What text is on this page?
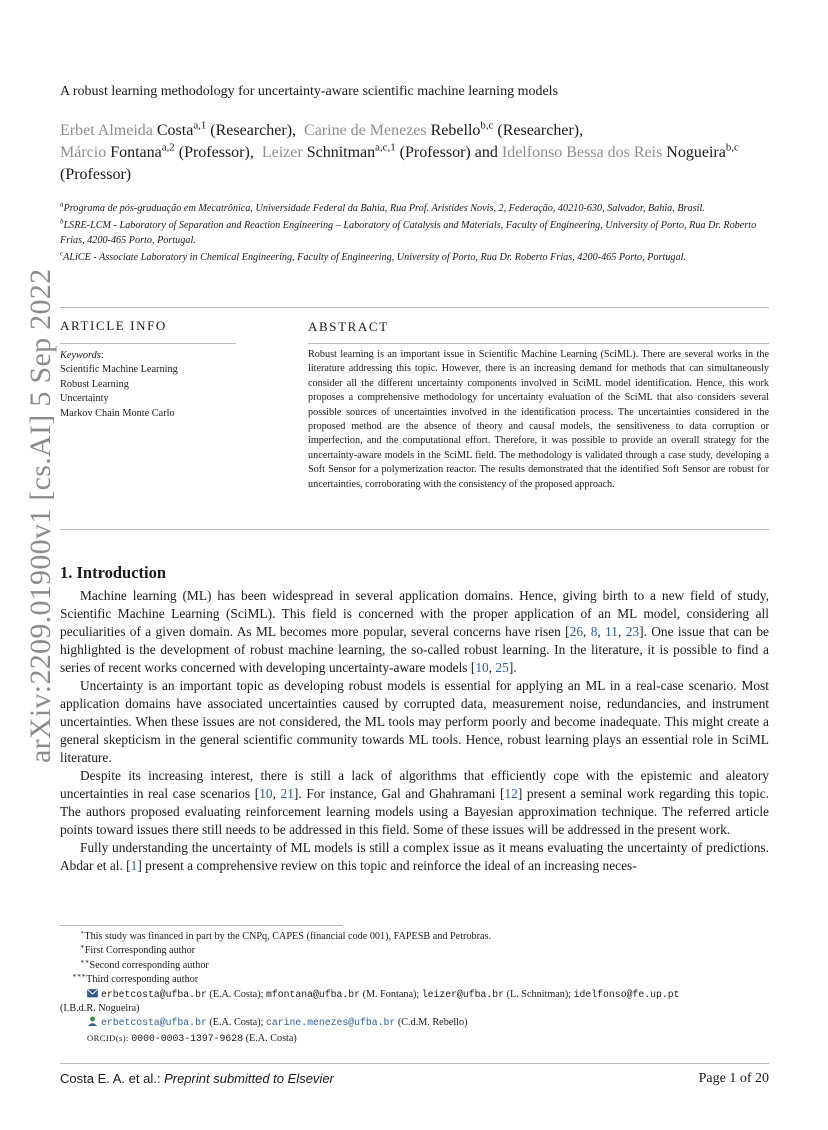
arXiv:2209.01900v1 [cs.AI] 5 Sep 2022
A robust learning methodology for uncertainty-aware scientific machine learning models
Erbet Almeida Costa$^{a,1}$ (Researcher), Carine de Menezes Rebello$^{b,c}$ (Researcher),
Márcio Fontana$^{a,2}$ (Professor), Leizer Schnitman$^{a,c,1}$ (Professor) and Idelfonso Bessa dos Reis Nogueira$^{b,c}$ (Professor)

$^a$Programa de pós-graduação em Mecatrônica, Universidade Federal da Bahia, Rua Prof. Aristides Novis, 2, Federação, 40210-630, Salvador, Bahia, Brasil.

$^b$LSRE-LCM - Laboratory of Separation and Reaction Engineering – Laboratory of Catalysis and Materials, Faculty of Engineering, University of Porto, Rua Dr. Roberto Frias, 4200-465 Porto, Portugal.

$^c$ALiCE - Associate Laboratory in Chemical Engineering, Faculty of Engineering, University of Porto, Rua Dr. Roberto Frias, 4200-465 Porto, Portugal.

ARTICLE INFO
Keywords:
Scientific Machine Learning
Robust Learning
Uncertainty
Markov Chain Monte Carlo
ABSTRACT
Robust learning is an important issue in Scientific Machine Learning (SciML). There are several works in the literature addressing this topic. However, there is an increasing demand for methods that can simultaneously consider all the different uncertainty components involved in SciML model identification. Hence, this work proposes a comprehensive methodology for uncertainty evaluation of the SciML that also considers several possible sources of uncertainties involved in the identification process. The uncertainties considered in the proposed method are the absence of theory and causal models, the sensitiveness to data corruption or imperfection, and the computational effort. Therefore, it was possible to provide an overall strategy for the uncertainty-aware models in the SciML field. The methodology is validated through a case study, developing a Soft Sensor for a polymerization reactor. The results demonstrated that the identified Soft Sensor are robust for uncertainties, corroborating with the consistency of the proposed approach.
1. Introduction

Machine learning (ML) has been widespread in several application domains. Hence, giving birth to a new field of study, Scientific Machine Learning (SciML). This field is concerned with the proper application of an ML model, considering all peculiarities of a given domain. As ML becomes more popular, several concerns have risen [26, 8, 11, 23]. One issue that can be highlighted is the development of robust machine learning, the so-called robust learning. In the literature, it is possible to find a series of recent works concerned with developing uncertainty-aware models [10, 25].

Uncertainty is an important topic as developing robust models is essential for applying an ML in a real-case scenario. Most application domains have associated uncertainties caused by corrupted data, measurement noise, redundancies, and instrument uncertainties. When these issues are not considered, the ML tools may perform poorly and become inadequate. This might create a general skepticism in the general scientific community towards ML tools. Hence, robust learning plays an essential role in SciML literature.

Despite its increasing interest, there is still a lack of algorithms that efficiently cope with the epistemic and aleatory uncertainties in real case scenarios [10, 21]. For instance, Gal and Ghahramani [12] present a seminal work regarding this topic. The authors proposed evaluating reinforcement learning models using a Bayesian approximation technique. The referred article points toward issues there still needs to be addressed in this field. Some of these issues will be addressed in the present work.

Fully understanding the uncertainty of ML models is still a complex issue as it means evaluating the uncertainty of predictions. Abdar et al. [1] present a comprehensive review on this topic and reinforce the ideal of an increasing neces-

⋆This study was financed in part by the CNPq, CAPES (financial code 001), FAPESB and Petrobras.
∗First Corresponding author
∗∗Second corresponding author
∗∗∗Third corresponding author
erbetcosta@ufba.br (E.A. Costa); mfontana@ufba.br (M. Fontana); leizer@ufba.br (L. Schnitman); idelfonso@fe.up.pt
(I.B.d.R. Nogueira)
erbetcosta@ufba.br (E.A. Costa); carine.menezes@ufba.br (C.d.M. Rebello)
ORCID(s): 0000-0003-1397-9628 (E.A. Costa)
Costa E. A. et al.: Preprint submitted to Elsevier	Page 1 of 20
